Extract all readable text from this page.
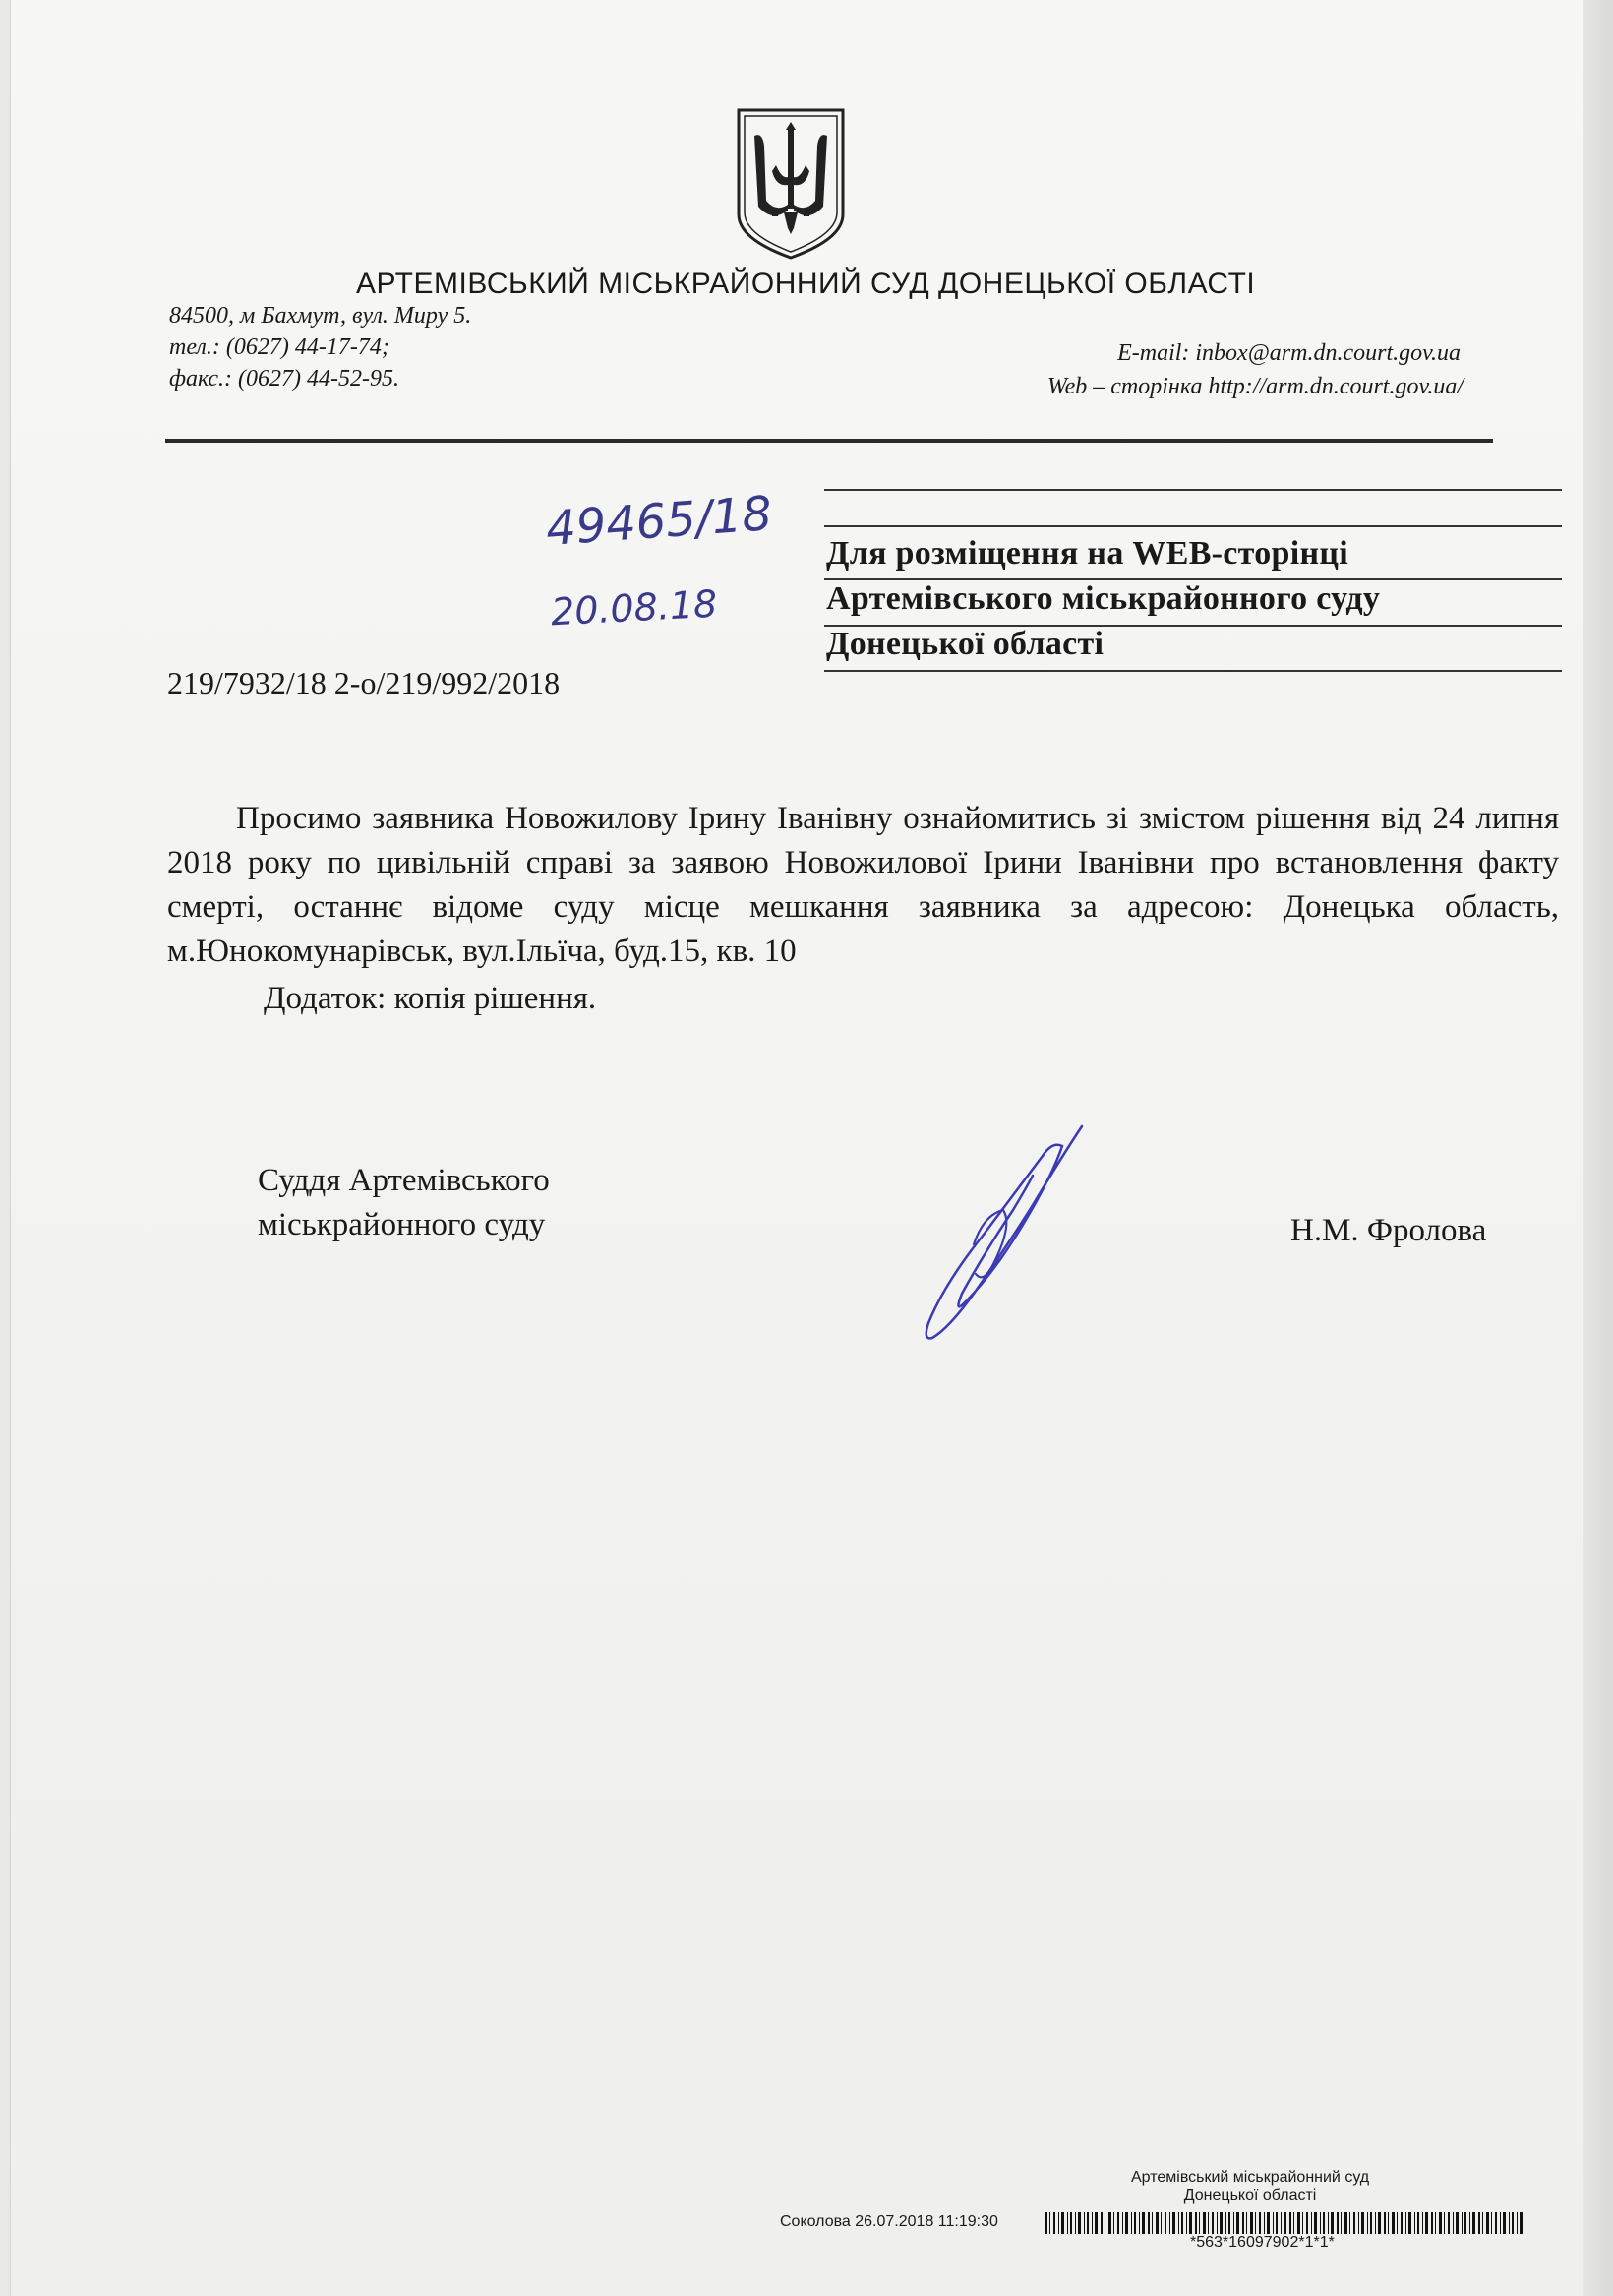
АРТЕМІВСЬКИЙ МІСЬКРАЙОННИЙ СУД ДОНЕЦЬКОЇ ОБЛАСТІ
84500, м Бахмут, вул. Миру 5.
тел.: (0627) 44-17-74;
факс.: (0627) 44-52-95.
E-mail: inbox@arm.dn.court.gov.ua
Web – сторінка http://arm.dn.court.gov.ua/
49465/18
20.08.18
Для розміщення на WEB-сторінці
Артемівського міськрайонного суду
Донецької області
219/7932/18 2-о/219/992/2018
Просимо заявника Новожилову Ірину Іванівну ознайомитись зі змістом рішення від 24 липня 2018 року по цивільній справі за заявою Новожилової Ірини Іванівни про встановлення факту смерті, останнє відоме суду місце мешкання заявника за адресою: Донецька область, м.Юнокомунарівськ, вул.Ільїча, буд.15, кв. 10
Додаток: копія рішення.
Суддя Артемівського
міськрайонного суду	Н.М. Фролова
Артемівський міськрайонний суд
Донецької області
Соколова 26.07.2018 11:19:30
*563*16097902*1*1*
